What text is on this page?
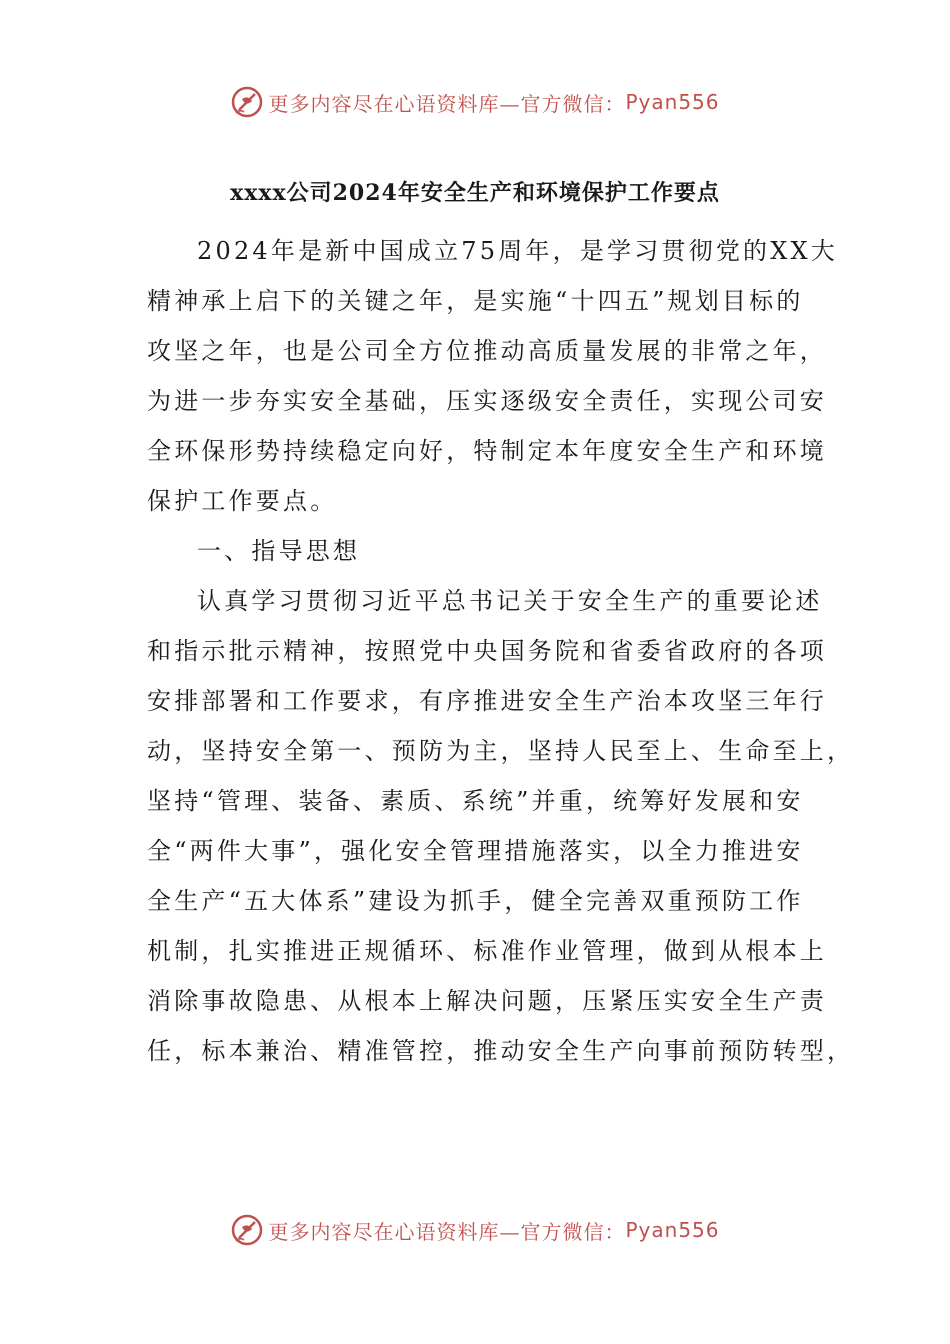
更多内容尽在心语资料库—官方微信： Pyan556
xxxx公司2024年安全生产和环境保护工作要点
2024年是新中国成立75周年，是学习贯彻党的XX大
精神承上启下的关键之年，是实施“十四五”规划目标的
攻坚之年，也是公司全方位推动高质量发展的非常之年，
为进一步夯实安全基础，压实逐级安全责任，实现公司安
全环保形势持续稳定向好，特制定本年度安全生产和环境
保护工作要点。
一、指导思想
认真学习贯彻习近平总书记关于安全生产的重要论述
和指示批示精神，按照党中央国务院和省委省政府的各项
安排部署和工作要求，有序推进安全生产治本攻坚三年行
动，坚持安全第一、预防为主，坚持人民至上、生命至上，
坚持“管理、装备、素质、系统”并重，统筹好发展和安
全“两件大事”，强化安全管理措施落实，以全力推进安
全生产“五大体系”建设为抓手，健全完善双重预防工作
机制，扎实推进正规循环、标准作业管理，做到从根本上
消除事故隐患、从根本上解决问题，压紧压实安全生产责
任，标本兼治、精准管控，推动安全生产向事前预防转型，
更多内容尽在心语资料库—官方微信： Pyan556
